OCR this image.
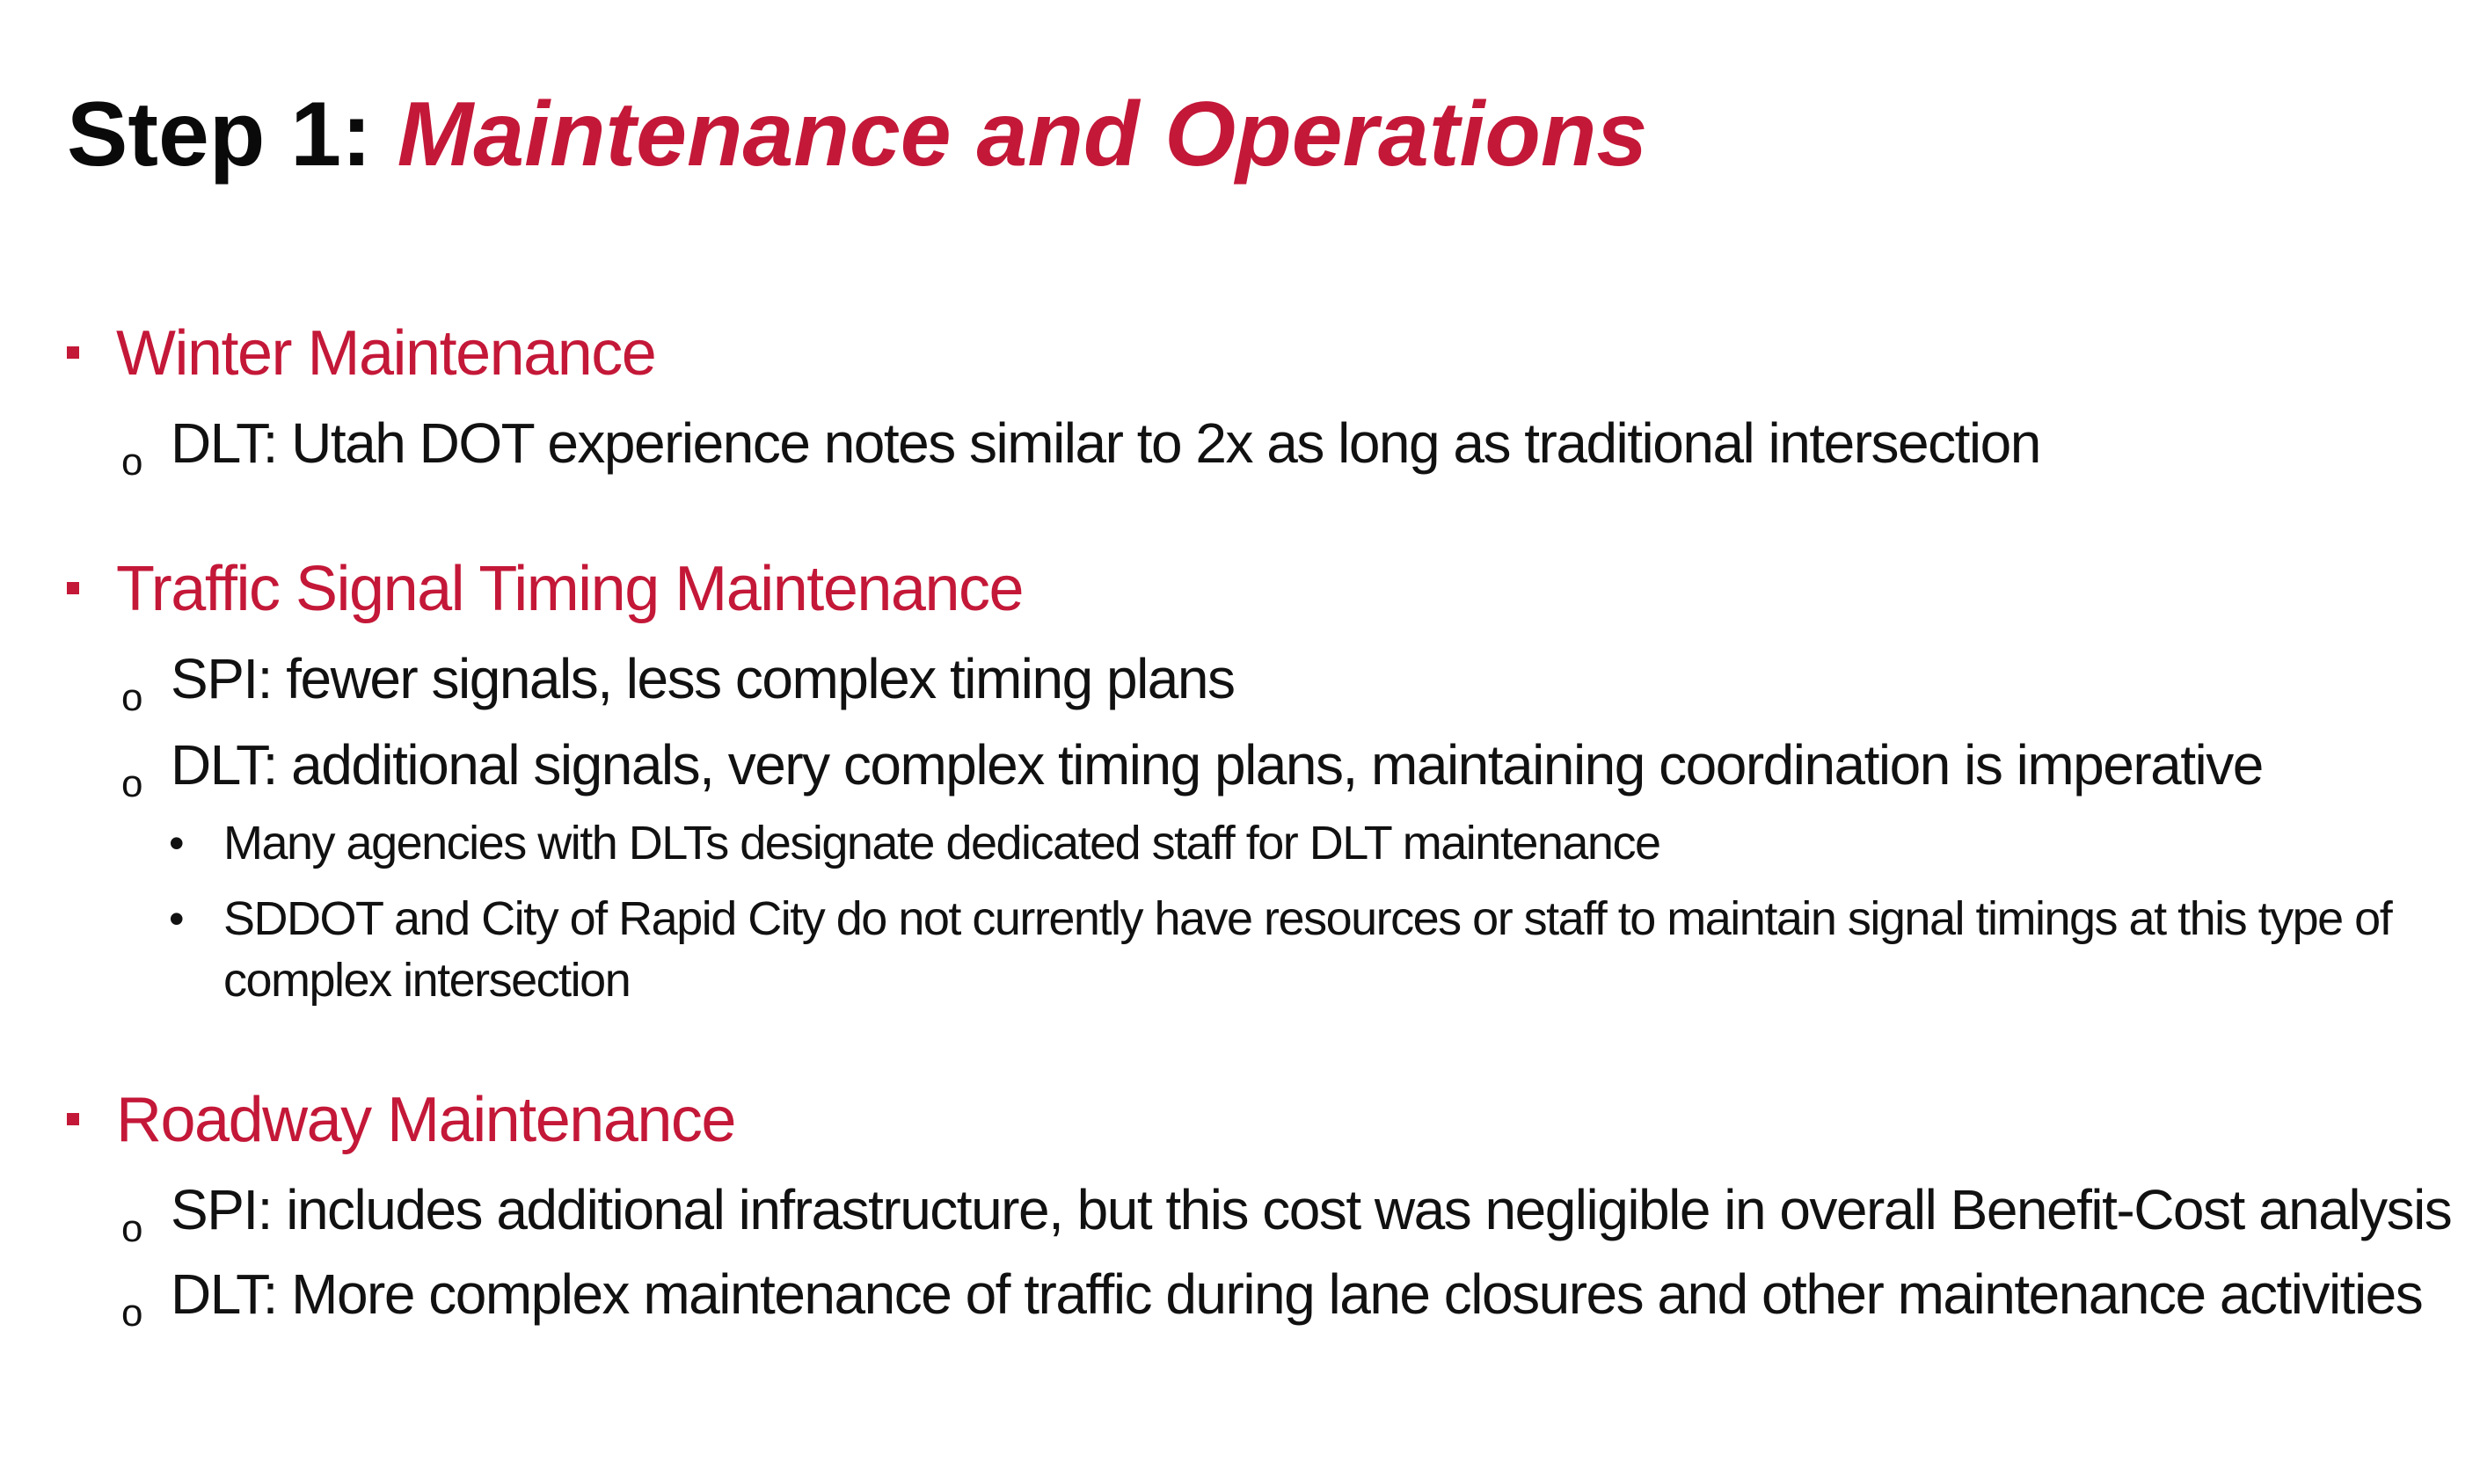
Step 1: Maintenance and Operations
Winter Maintenance
o DLT: Utah DOT experience notes similar to 2x as long as traditional intersection
Traffic Signal Timing Maintenance
o SPI: fewer signals, less complex timing plans
o DLT: additional signals, very complex timing plans, maintaining coordination is imperative
• Many agencies with DLTs designate dedicated staff for DLT maintenance
• SDDOT and City of Rapid City do not currently have resources or staff to maintain signal timings at this type of
complex intersection
Roadway Maintenance
o SPI: includes additional infrastructure, but this cost was negligible in overall Benefit-Cost analysis
o DLT: More complex maintenance of traffic during lane closures and other maintenance activities
